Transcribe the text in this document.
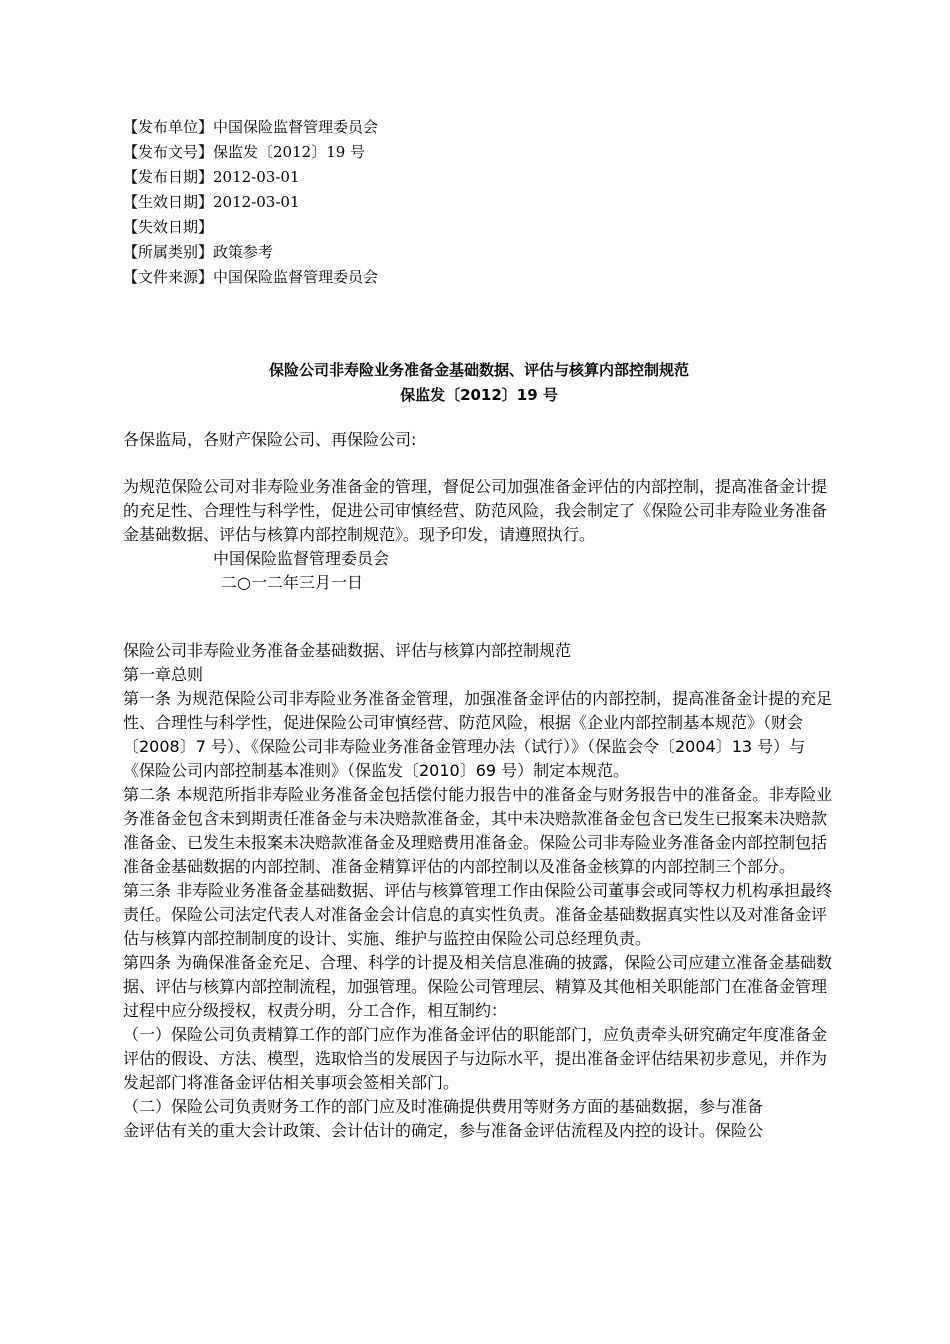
【发布单位】中国保险监督管理委员会
【发布文号】保监发〔2012〕19 号
【发布日期】2012-03-01
【生效日期】2012-03-01
【失效日期】
【所属类别】政策参考
【文件来源】中国保险监督管理委员会
保险公司非寿险业务准备金基础数据、评估与核算内部控制规范
保监发〔2012〕19 号
各保监局，各财产保险公司、再保险公司:
为规范保险公司对非寿险业务准备金的管理，督促公司加强准备金评估的内部控制，提高准备金计提的充足性、合理性与科学性，促进公司审慎经营、防范风险，我会制定了《保险公司非寿险业务准备金基础数据、评估与核算内部控制规范》。现予印发，请遵照执行。
中国保险监督管理委员会
二○一二年三月一日

保险公司非寿险业务准备金基础数据、评估与核算内部控制规范

第一章总则

第一条 为规范保险公司非寿险业务准备金管理，加强准备金评估的内部控制，提高准备金计提的充足性、合理性与科学性，促进保险公司审慎经营、防范风险，根据《企业内部控制基本规范》（财会〔2008〕7 号）、《保险公司非寿险业务准备金管理办法（试行）》（保监会令〔2004〕13 号）与《保险公司内部控制基本准则》（保监发〔2010〕69 号）制定本规范。

第二条 本规范所指非寿险业务准备金包括偿付能力报告中的准备金与财务报告中的准备金。非寿险业务准备金包含未到期责任准备金与未决赔款准备金，其中未决赔款准备金包含已发生已报案未决赔款准备金、已发生未报案未决赔款准备金及理赔费用准备金。保险公司非寿险业务准备金内部控制包括准备金基础数据的内部控制、准备金精算评估的内部控制以及准备金核算的内部控制三个部分。

第三条 非寿险业务准备金基础数据、评估与核算管理工作由保险公司董事会或同等权力机构承担最终责任。保险公司法定代表人对准备金会计信息的真实性负责。准备金基础数据真实性以及对准备金评估与核算内部控制制度的设计、实施、维护与监控由保险公司总经理负责。

第四条 为确保准备金充足、合理、科学的计提及相关信息准确的披露，保险公司应建立准备金基础数据、评估与核算内部控制流程，加强管理。保险公司管理层、精算及其他相关职能部门在准备金管理过程中应分级授权，权责分明，分工合作，相互制约：

（一）保险公司负责精算工作的部门应作为准备金评估的职能部门，应负责牵头研究确定年度准备金评估的假设、方法、模型，选取恰当的发展因子与边际水平，提出准备金评估结果初步意见，并作为发起部门将准备金评估相关事项会签相关部门。

（二）保险公司负责财务工作的部门应及时准确提供费用等财务方面的基础数据，参与准备

金评估有关的重大会计政策、会计估计的确定，参与准备金评估流程及内控的设计。保险公
